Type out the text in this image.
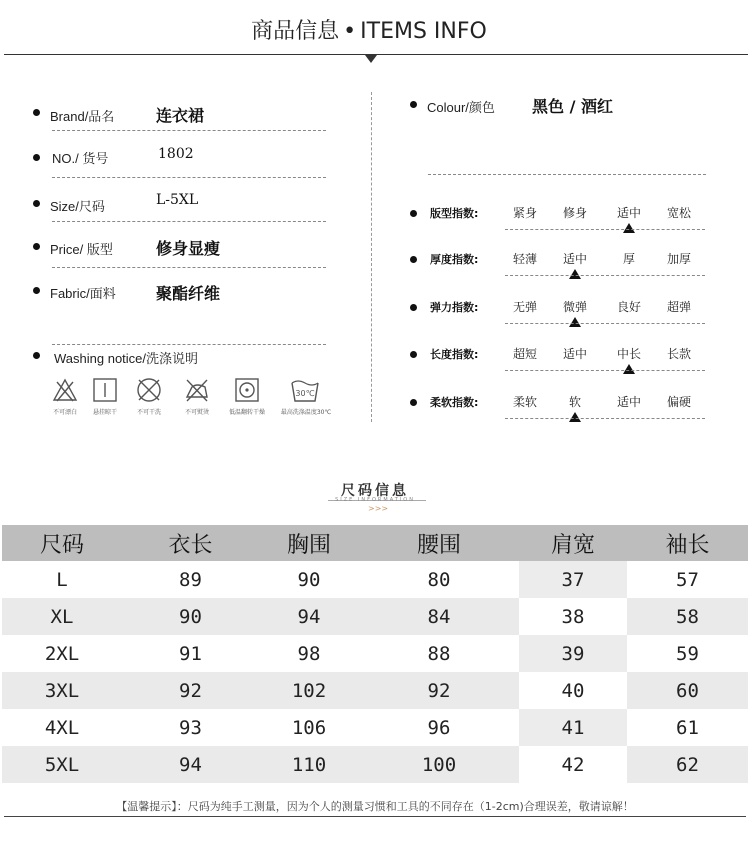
商品信息 • ITEMS INFO
Brand/品名	连衣裙
NO./ 货号	1802
Size/尺码	L-5XL
Price/ 版型	修身显瘦
Fabric/面料	聚酯纤维
Washing notice/洗涤说明
不可漂白	悬挂晾干	不可干洗	不可熨烫	低温翻转干燥
30℃
最高洗涤温度30℃
Colour/颜色 黑色 / 酒红
版型指数:	紧身	修身	适中	宽松
厚度指数:	轻薄	适中	厚	加厚
弹力指数:	无弹	微弹	良好	超弹
长度指数:	超短	适中	中长	长款
柔软指数:	柔软	软	适中	偏硬
尺码信息
SIZE INFORMATION
>>>
尺码	衣长	胸围	腰围	肩宽	袖长
L	89	90	80	37	57
XL	90	94	84	38	58
2XL	91	98	88	39	59
3XL	92	102	92	40	60
4XL	93	106	96	41	61
5XL	94	110	100	42	62
【温馨提示】：尺码为纯手工测量，因为个人的测量习惯和工具的不同存在（1-2cm)合理误差，敬请谅解！
